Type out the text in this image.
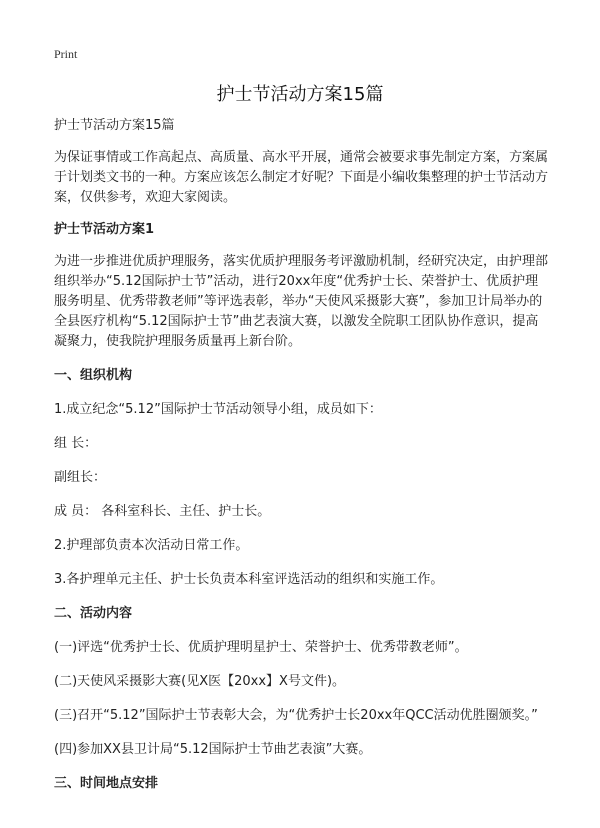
Print
护士节活动方案15篇

护士节活动方案15篇

为保证事情或工作高起点、高质量、高水平开展，通常会被要求事先制定方案，方案属于计划类文书的一种。方案应该怎么制定才好呢？下面是小编收集整理的护士节活动方案，仅供参考，欢迎大家阅读。

护士节活动方案1

为进一步推进优质护理服务，落实优质护理服务考评激励机制，经研究决定，由护理部组织举办“5.12国际护士节”活动，进行20xx年度“优秀护士长、荣誉护士、优质护理服务明星、优秀带教老师”等评选表彰，举办“天使风采摄影大赛”，参加卫计局举办的全县医疗机构“5.12国际护士节”曲艺表演大赛，以激发全院职工团队协作意识，提高凝聚力，使我院护理服务质量再上新台阶。

一、组织机构

1.成立纪念“5.12”国际护士节活动领导小组，成员如下：

组 长：

副组长：

成 员： 各科室科长、主任、护士长。

2.护理部负责本次活动日常工作。

3.各护理单元主任、护士长负责本科室评选活动的组织和实施工作。

二、活动内容

(一)评选“优秀护士长、优质护理明星护士、荣誉护士、优秀带教老师”。

(二)天使风采摄影大赛(见X医【20xx】X号文件)。

(三)召开“5.12”国际护士节表彰大会，为“优秀护士长20xx年QCC活动优胜圈颁奖。”

(四)参加XX县卫计局“5.12国际护士节曲艺表演”大赛。

三、时间地点安排
